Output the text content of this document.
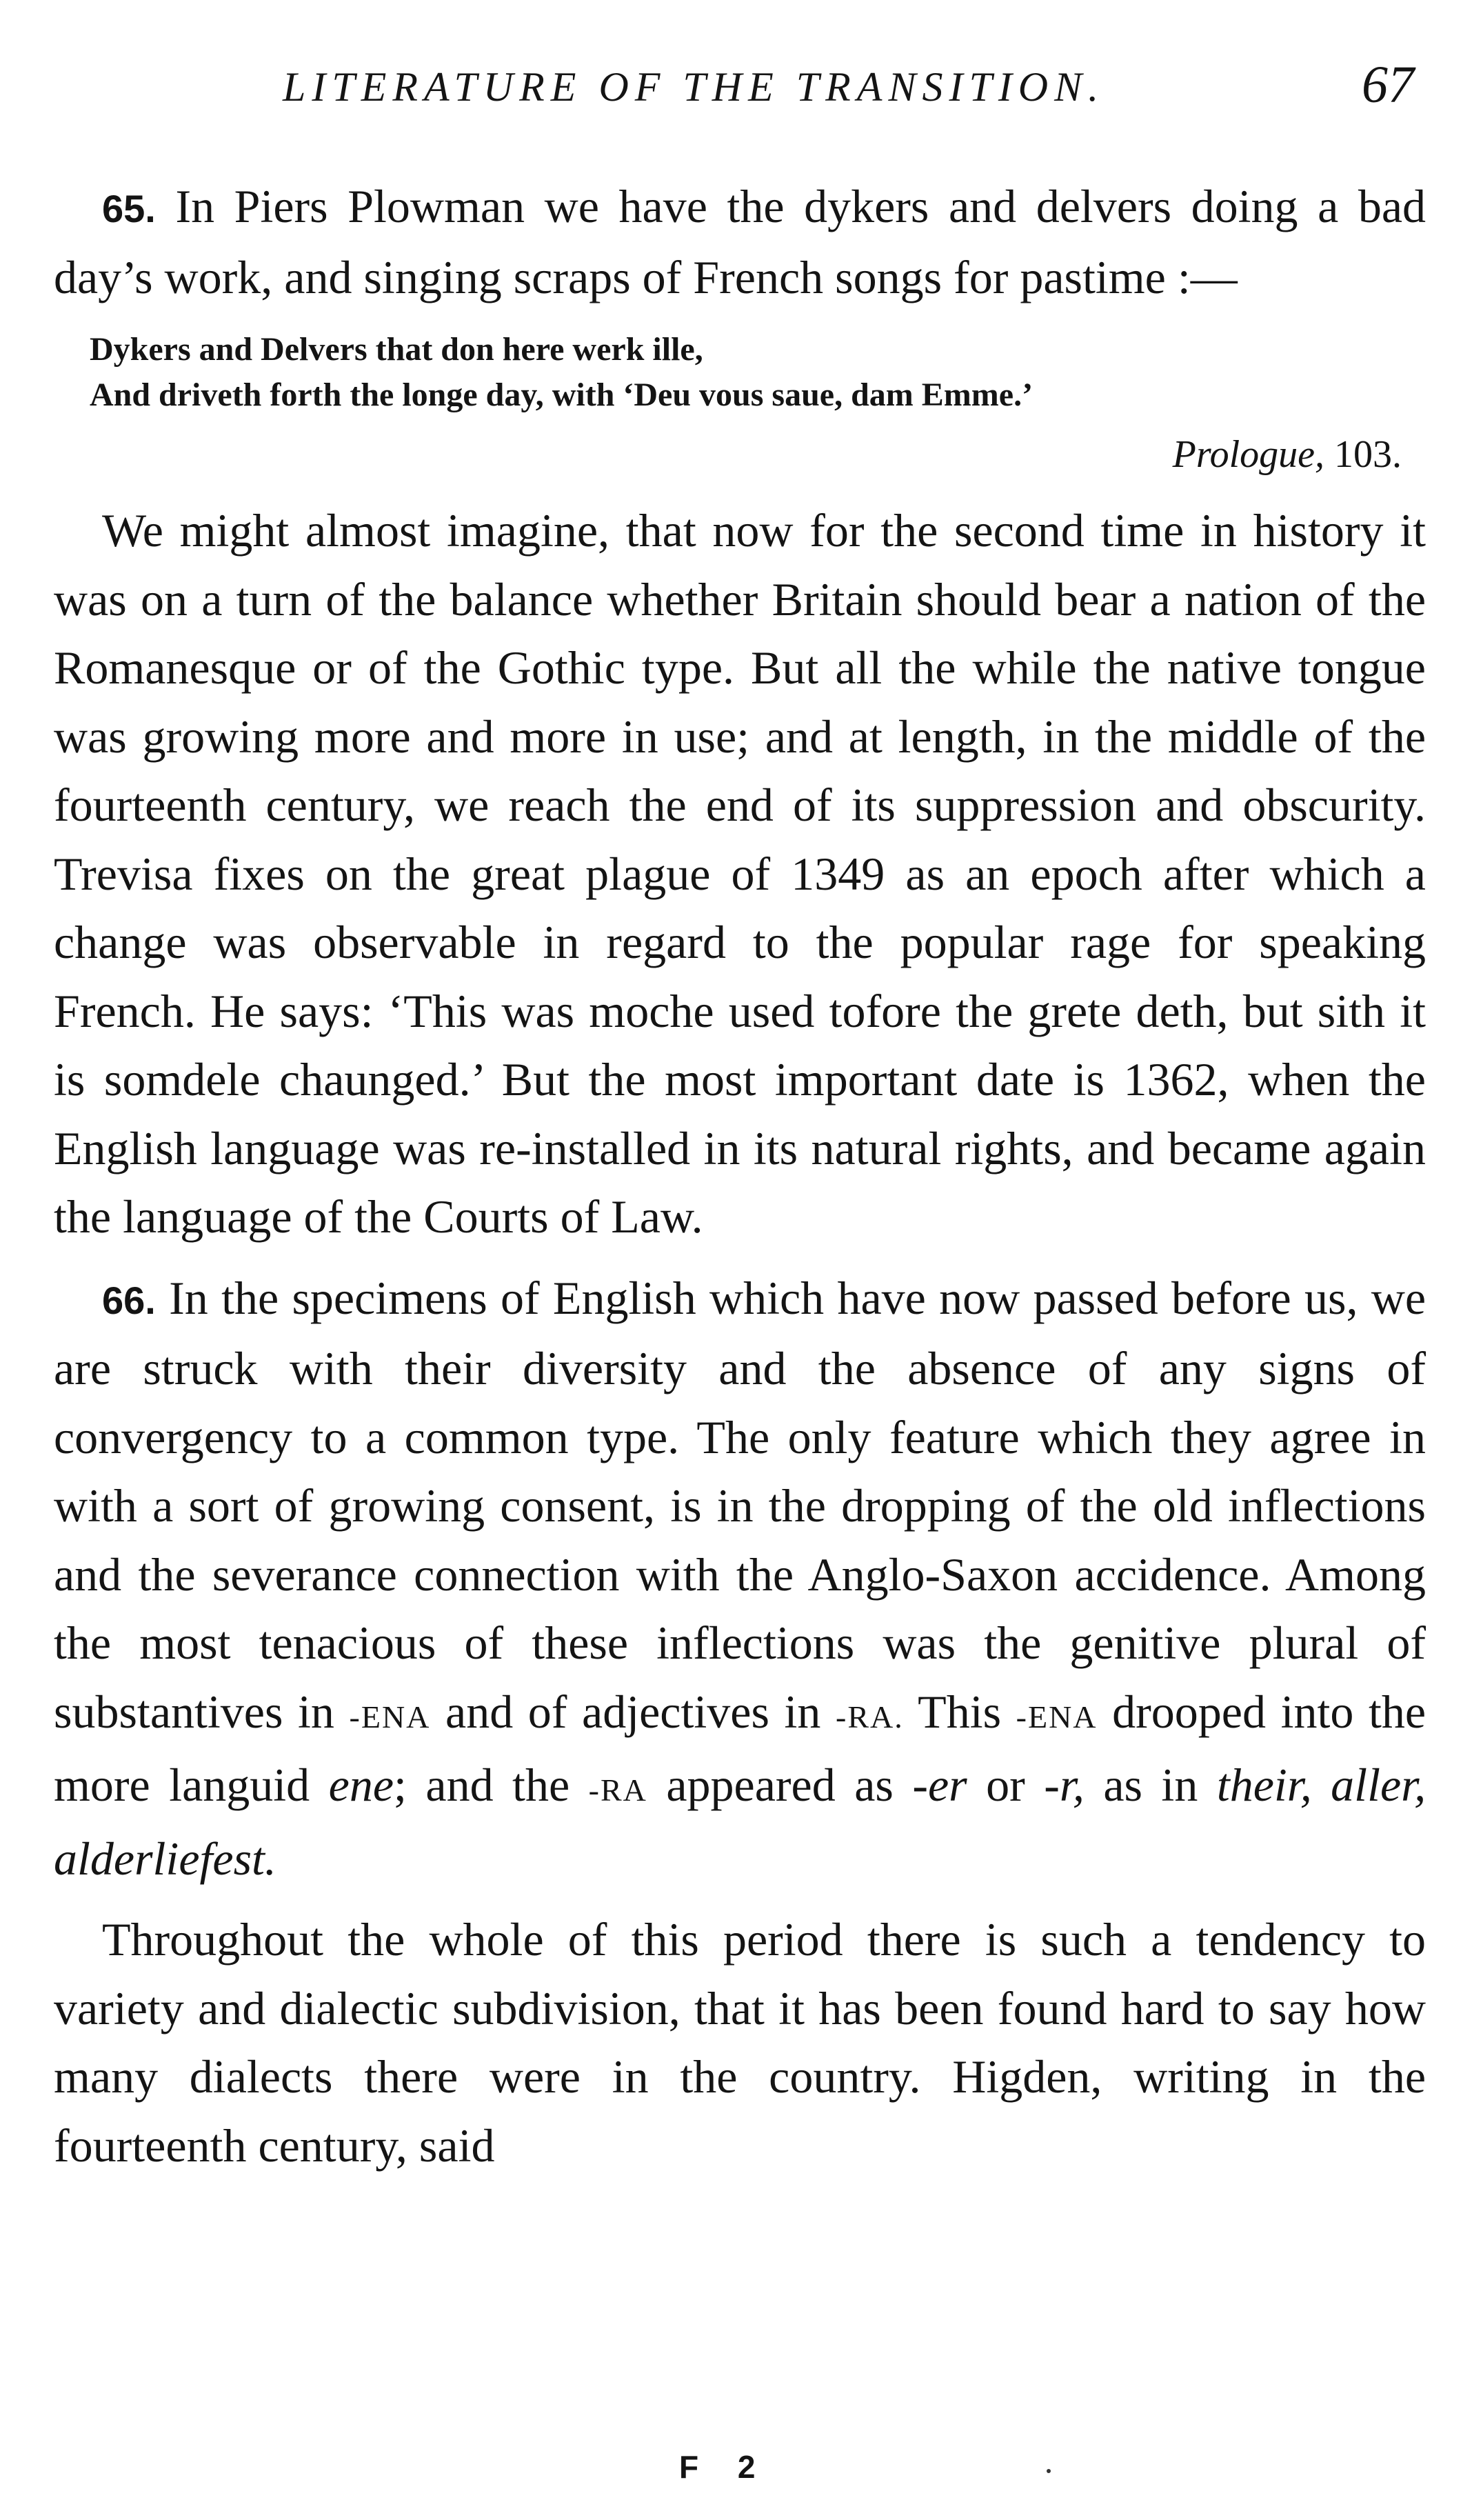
LITERATURE OF THE TRANSITION.	67

65. In Piers Plowman we have the dykers and delvers doing a bad day’s work, and singing scraps of French songs for pastime :—

Dykers and Delvers that don here werk ille,
And driveth forth the longe day, with ‘Deu vous saue, dam Emme.’
Prologue, 103.

We might almost imagine, that now for the second time in history it was on a turn of the balance whether Britain should bear a nation of the Romanesque or of the Gothic type. But all the while the native tongue was growing more and more in use; and at length, in the middle of the fourteenth century, we reach the end of its suppression and obscurity. Trevisa fixes on the great plague of 1349 as an epoch after which a change was observable in regard to the popular rage for speaking French. He says: ‘This was moche used tofore the grete deth, but sith it is somdele chaunged.’ But the most important date is 1362, when the English language was re-installed in its natural rights, and became again the language of the Courts of Law.

66. In the specimens of English which have now passed before us, we are struck with their diversity and the absence of any signs of convergency to a common type. The only feature which they agree in with a sort of growing consent, is in the dropping of the old inflections and the severance connection with the Anglo-Saxon accidence. Among the most tenacious of these inflections was the genitive plural of substantives in -ENA and of adjectives in -RA. This -ENA drooped into the more languid ene; and the -RA appeared as -er or -r, as in their, aller, alderliefest.

Throughout the whole of this period there is such a tendency to variety and dialectic subdivision, that it has been found hard to say how many dialects there were in the country. Higden, writing in the fourteenth century, said

F 2
